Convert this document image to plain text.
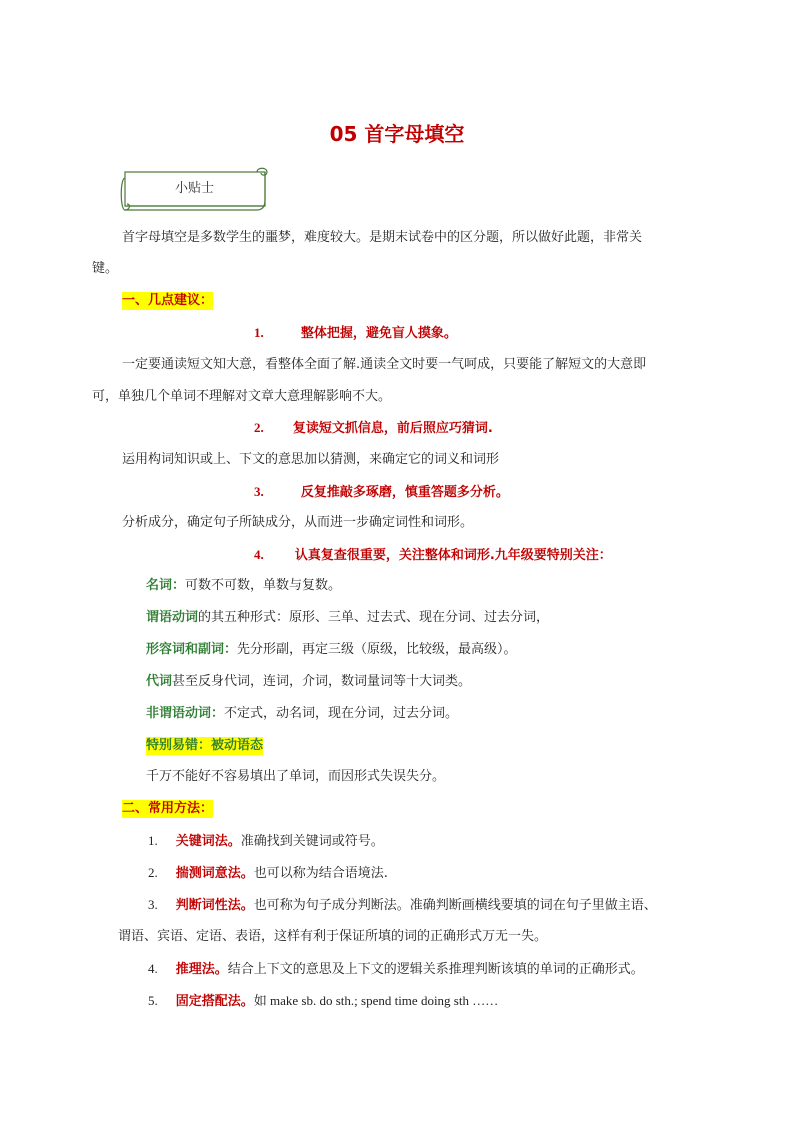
05 首字母填空
小贴士
首字母填空是多数学生的噩梦，难度较大。是期末试卷中的区分题，所以做好此题，非常关
键。
一、几点建议：
1.	整体把握，避免盲人摸象。
一定要通读短文知大意，看整体全面了解.通读全文时要一气呵成，只要能了解短文的大意即
可，单独几个单词不理解对文章大意理解影响不大。
2. 复读短文抓信息，前后照应巧猜词.
运用构词知识或上、下文的意思加以猜测，来确定它的词义和词形
3.	反复推敲多琢磨，慎重答题多分析。
分析成分，确定句子所缺成分，从而进一步确定词性和词形。
4. 认真复查很重要，关注整体和词形.九年级要特别关注：
名词：可数不可数，单数与复数。
谓语动词的其五种形式：原形、三单、过去式、现在分词、过去分词，
形容词和副词：先分形副，再定三级（原级，比较级，最高级）。
代词甚至反身代词，连词，介词，数词量词等十大词类。
非谓语动词：不定式，动名词，现在分词，过去分词。
特别易错：被动语态
千万不能好不容易填出了单词，而因形式失误失分。
二、常用方法：
1. 关键词法。准确找到关键词或符号。
2. 揣测词意法。也可以称为结合语境法.
3. 判断词性法。也可称为句子成分判断法。准确判断画横线要填的词在句子里做主语、
谓语、宾语、定语、表语，这样有利于保证所填的词的正确形式万无一失。
4. 推理法。结合上下文的意思及上下文的逻辑关系推理判断该填的单词的正确形式。
5. 固定搭配法。如 make sb. do sth.; spend time doing sth ……
